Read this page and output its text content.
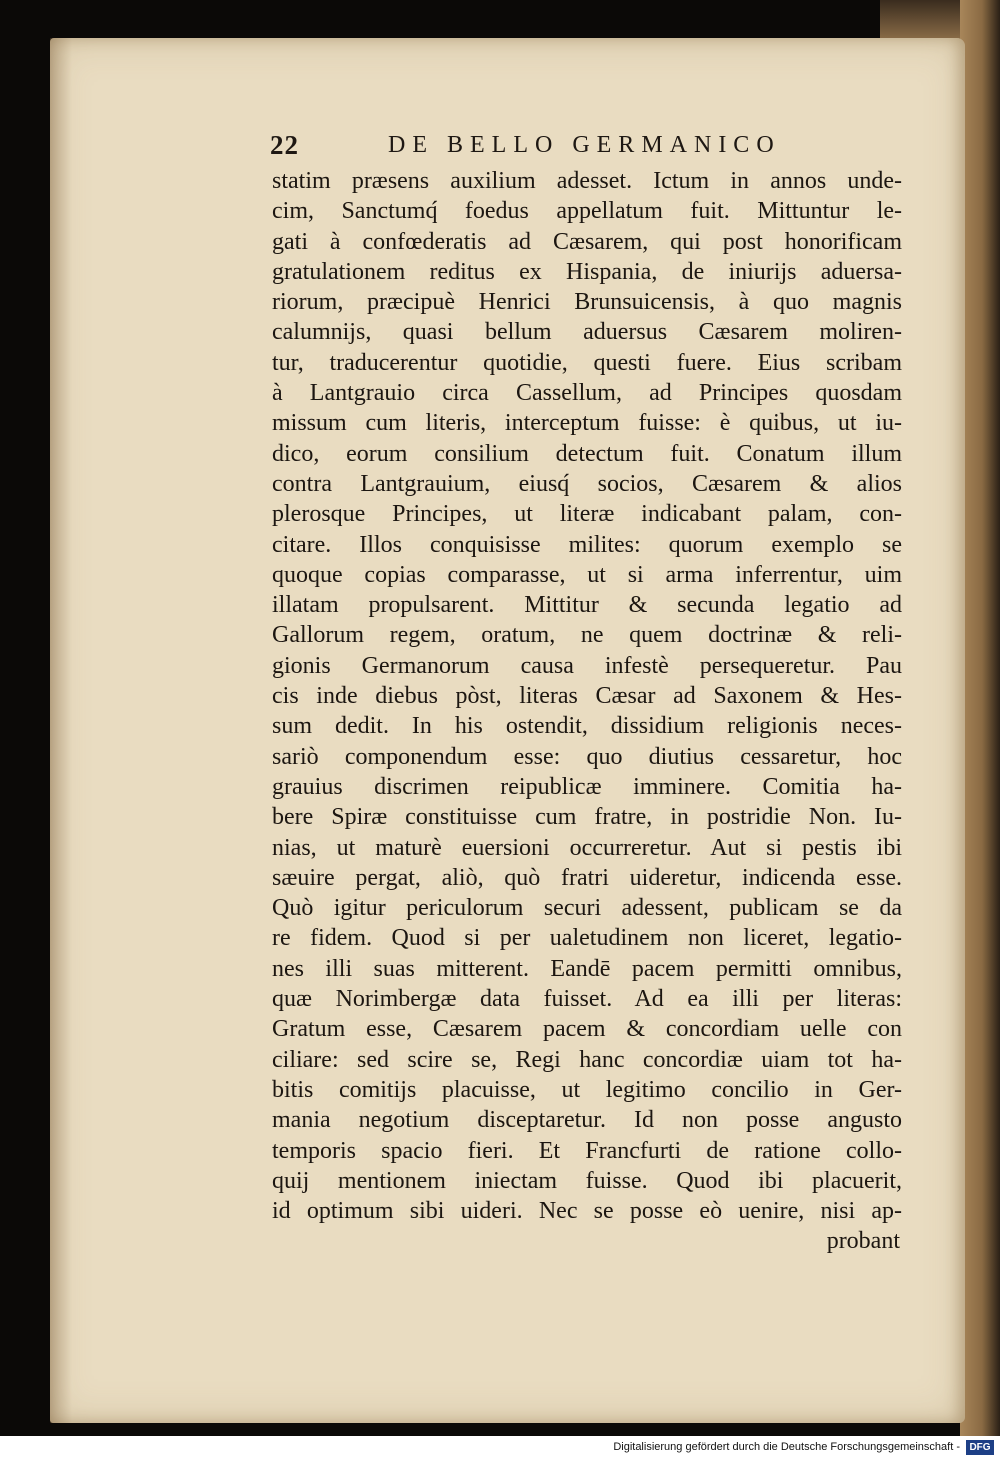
22	DE BELLO GERMANICO
statim præsens auxilium adesset. Ictum in annos unde-
cim, Sanctumq́ foedus appellatum fuit. Mittuntur le-
gati à confœderatis ad Cæsarem, qui post honorificam
gratulationem reditus ex Hispania, de iniurijs aduersa-
riorum, præcipuè Henrici Brunsuicensis, à quo magnis
calumnijs, quasi bellum aduersus Cæsarem moliren-
tur, traducerentur quotidie, questi fuere. Eius scribam
à Lantgrauio circa Cassellum, ad Principes quosdam
missum cum literis, interceptum fuisse: è quibus, ut iu-
dico, eorum consilium detectum fuit. Conatum illum
contra Lantgrauium, eiusq́ socios, Cæsarem & alios
plerosque Principes, ut literæ indicabant palam, con-
citare. Illos conquisisse milites: quorum exemplo se
quoque copias comparasse, ut si arma inferrentur, uim
illatam propulsarent. Mittitur & secunda legatio ad
Gallorum regem, oratum, ne quem doctrinæ & reli-
gionis Germanorum causa infestè persequeretur. Pau
cis inde diebus pòst, literas Cæsar ad Saxonem & Hes-
sum dedit. In his ostendit, dissidium religionis neces-
sariò componendum esse: quo diutius cessaretur, hoc
grauius discrimen reipublicæ imminere. Comitia ha-
bere Spiræ constituisse cum fratre, in postridie Non. Iu-
nias, ut maturè euersioni occurreretur. Aut si pestis ibi
sæuire pergat, aliò, quò fratri uideretur, indicenda esse.
Quò igitur periculorum securi adessent, publicam se da
re fidem. Quod si per ualetudinem non liceret, legatio-
nes illi suas mitterent. Eandē pacem permitti omnibus,
quæ Norimbergæ data fuisset. Ad ea illi per literas:
Gratum esse, Cæsarem pacem & concordiam uelle con
ciliare: sed scire se, Regi hanc concordiæ uiam tot ha-
bitis comitijs placuisse, ut legitimo concilio in Ger-
mania negotium disceptaretur. Id non posse angusto
temporis spacio fieri. Et Francfurti de ratione collo-
quij mentionem iniectam fuisse. Quod ibi placuerit,
id optimum sibi uideri. Nec se posse eò uenire, nisi ap-
probant
Digitalisierung gefördert durch die Deutsche Forschungsgemeinschaft - DFG
